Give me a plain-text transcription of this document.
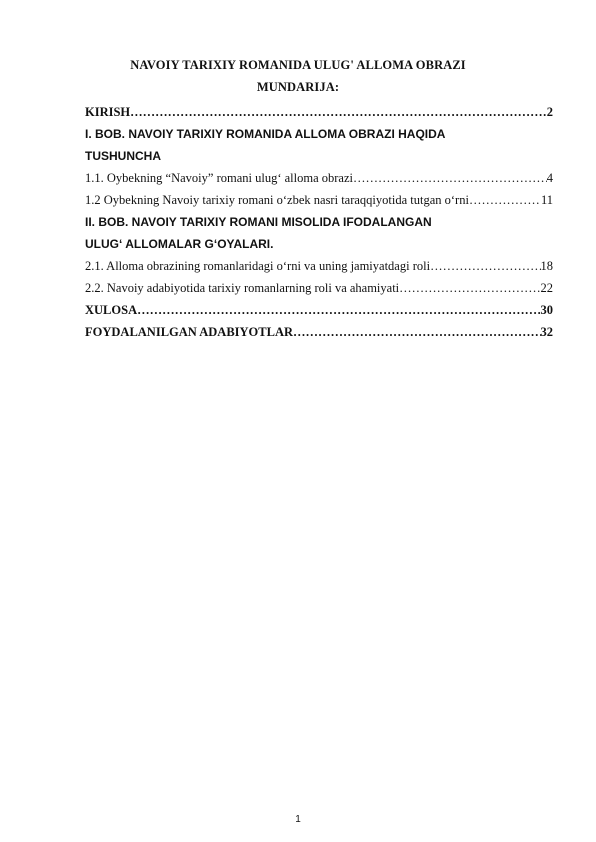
NAVOIY TARIXIY ROMANIDA ULUG' ALLOMA OBRAZI
MUNDARIJA:
KIRISH ………………………………………………………………………………………………………………………………	2
I. BOB. NAVOIY TARIXIY ROMANIDA ALLOMA OBRAZI HAQIDA
TUSHUNCHA
1.1. Oybekning “Navoiy” romani ulug‘ alloma obrazi ………………………………………………………………………………………………………………………………	4
1.2 Oybekning Navoiy tarixiy romani o‘zbek nasri taraqqiyotida tutgan o‘rni ………………………………………………………………………………………………………………………………	11
II. BOB. NAVOIY TARIXIY ROMANI MISOLIDA IFODALANGAN
ULUG‘ ALLOMALAR G‘OYALARI.
2.1. Alloma obrazining romanlaridagi o‘rni va uning jamiyatdagi roli ………………………………………………………………………………………………………………………………	18
2.2. Navoiy adabiyotida tarixiy romanlarning roli va ahamiyati ………………………………………………………………………………………………………………………………	22
XULOSA ………………………………………………………………………………………………………………………………	30
FOYDALANILGAN ADABIYOTLAR ………………………………………………………………………………………………………………………………	32
1
